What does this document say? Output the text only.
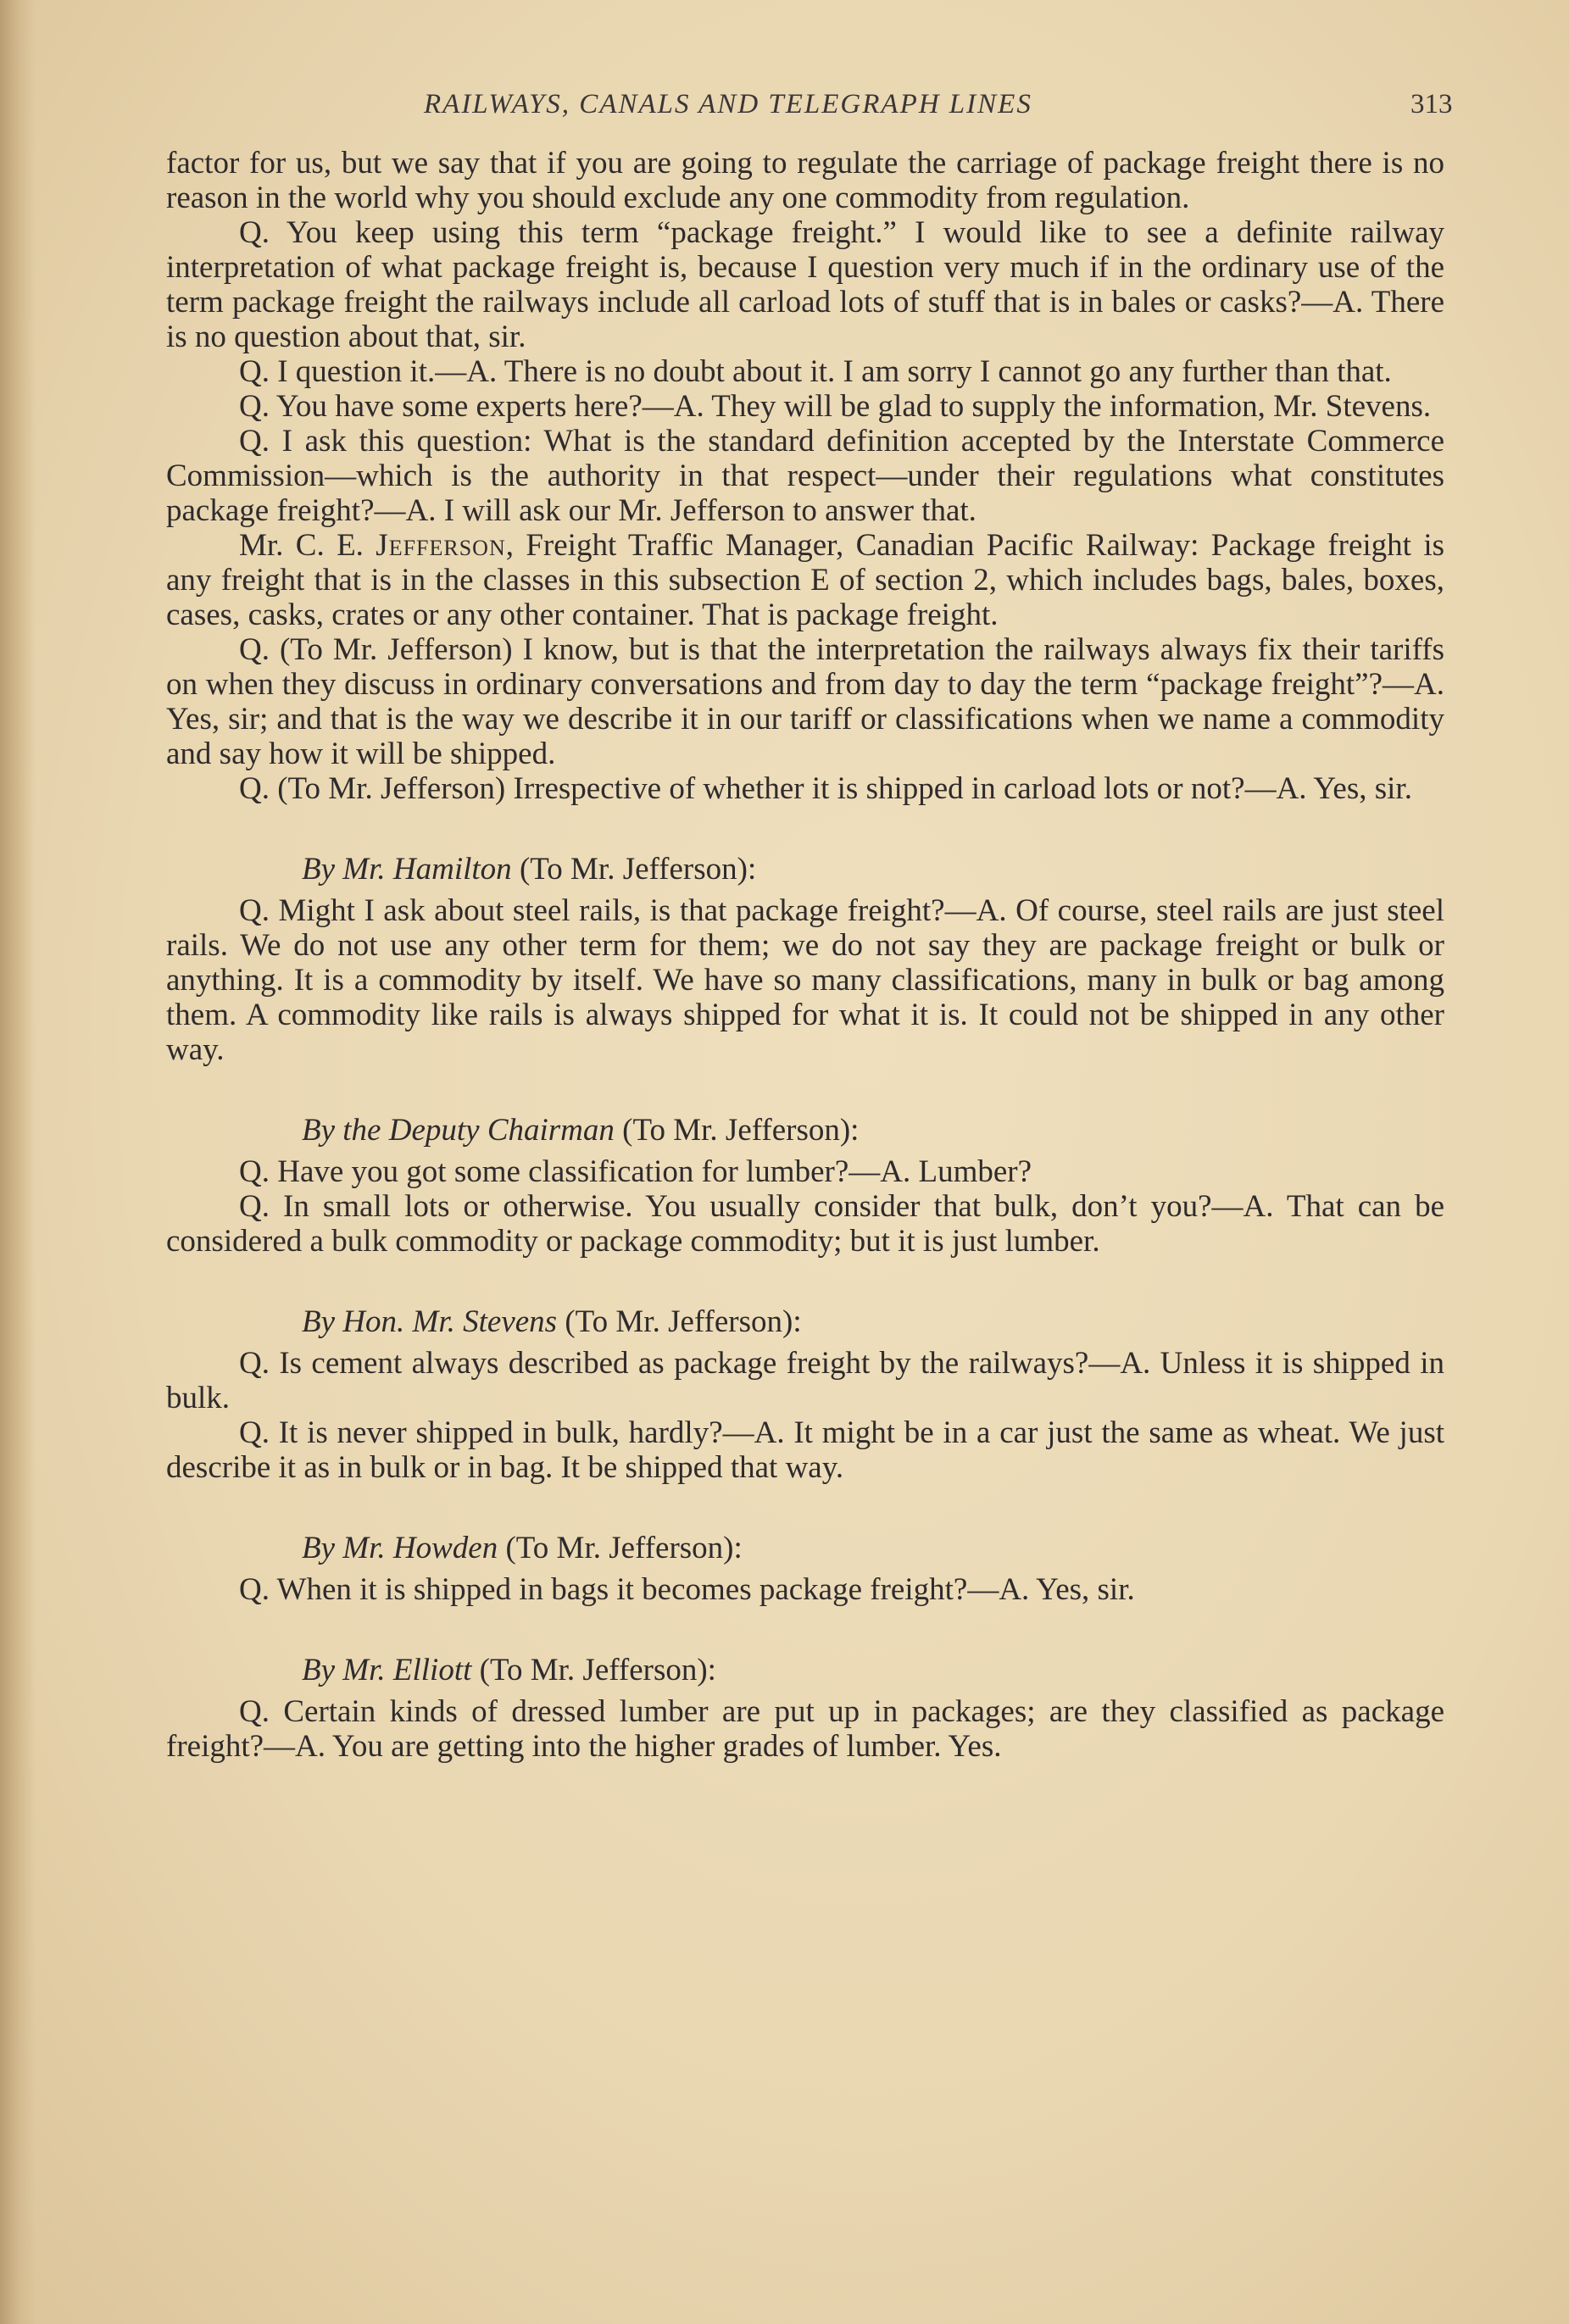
RAILWAYS, CANALS AND TELEGRAPH LINES	313

factor for us, but we say that if you are going to regulate the carriage of package freight there is no reason in the world why you should exclude any one commodity from regulation.

Q. You keep using this term “package freight.” I would like to see a definite railway interpretation of what package freight is, because I question very much if in the ordinary use of the term package freight the railways include all carload lots of stuff that is in bales or casks?—A. There is no question about that, sir.

Q. I question it.—A. There is no doubt about it. I am sorry I cannot go any further than that.

Q. You have some experts here?—A. They will be glad to supply the information, Mr. Stevens.

Q. I ask this question: What is the standard definition accepted by the Interstate Commerce Commission—which is the authority in that respect—under their regulations what constitutes package freight?—A. I will ask our Mr. Jefferson to answer that.

Mr. C. E. Jefferson, Freight Traffic Manager, Canadian Pacific Railway: Package freight is any freight that is in the classes in this subsection E of section 2, which includes bags, bales, boxes, cases, casks, crates or any other container. That is package freight.

Q. (To Mr. Jefferson) I know, but is that the interpretation the railways always fix their tariffs on when they discuss in ordinary conversations and from day to day the term “package freight”?—A. Yes, sir; and that is the way we describe it in our tariff or classifications when we name a commodity and say how it will be shipped.

Q. (To Mr. Jefferson) Irrespective of whether it is shipped in carload lots or not?—A. Yes, sir.

By Mr. Hamilton (To Mr. Jefferson):

Q. Might I ask about steel rails, is that package freight?—A. Of course, steel rails are just steel rails. We do not use any other term for them; we do not say they are package freight or bulk or anything. It is a commodity by itself. We have so many classifications, many in bulk or bag among them. A commodity like rails is always shipped for what it is. It could not be shipped in any other way.

By the Deputy Chairman (To Mr. Jefferson):

Q. Have you got some classification for lumber?—A. Lumber?

Q. In small lots or otherwise. You usually consider that bulk, don’t you?—A. That can be considered a bulk commodity or package commodity; but it is just lumber.

By Hon. Mr. Stevens (To Mr. Jefferson):

Q. Is cement always described as package freight by the railways?—A. Unless it is shipped in bulk.

Q. It is never shipped in bulk, hardly?—A. It might be in a car just the same as wheat. We just describe it as in bulk or in bag. It be shipped that way.

By Mr. Howden (To Mr. Jefferson):

Q. When it is shipped in bags it becomes package freight?—A. Yes, sir.

By Mr. Elliott (To Mr. Jefferson):

Q. Certain kinds of dressed lumber are put up in packages; are they classified as package freight?—A. You are getting into the higher grades of lumber. Yes.
